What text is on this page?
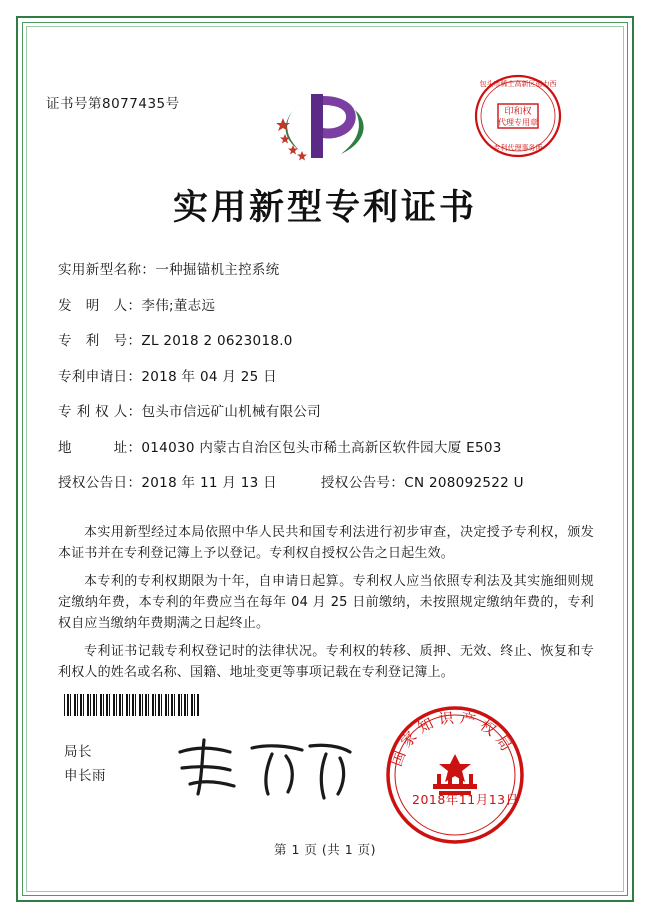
证书号第8077435号	印和权
代理专用章
包头市稀土高新区德力西
专利代理事务所
实用新型专利证书
实用新型名称： 一种掘锚机主控系统
发　明　人： 李伟;董志远
专　利　号： ZL 2018 2 0623018.0
专利申请日： 2018 年 04 月 25 日
专 利 权 人： 包头市信远矿山机械有限公司
地　　　址： 014030 内蒙古自治区包头市稀土高新区软件园大厦 E503
授权公告日： 2018 年 11 月 13 日	授权公告号： CN 208092522 U

本实用新型经过本局依照中华人民共和国专利法进行初步审查，决定授予专利权，颁发本证书并在专利登记簿上予以登记。专利权自授权公告之日起生效。

本专利的专利权期限为十年，自申请日起算。专利权人应当依照专利法及其实施细则规定缴纳年费，本专利的年费应当在每年 04 月 25 日前缴纳，未按照规定缴纳年费的，专利权自应当缴纳年费期满之日起终止。

专利证书记载专利权登记时的法律状况。专利权的转移、质押、无效、终止、恢复和专利权人的姓名或名称、国籍、地址变更等事项记载在专利登记簿上。

局长
申长雨
国家知识产权局
2018年11月13日
第 1 页 (共 1 页)
